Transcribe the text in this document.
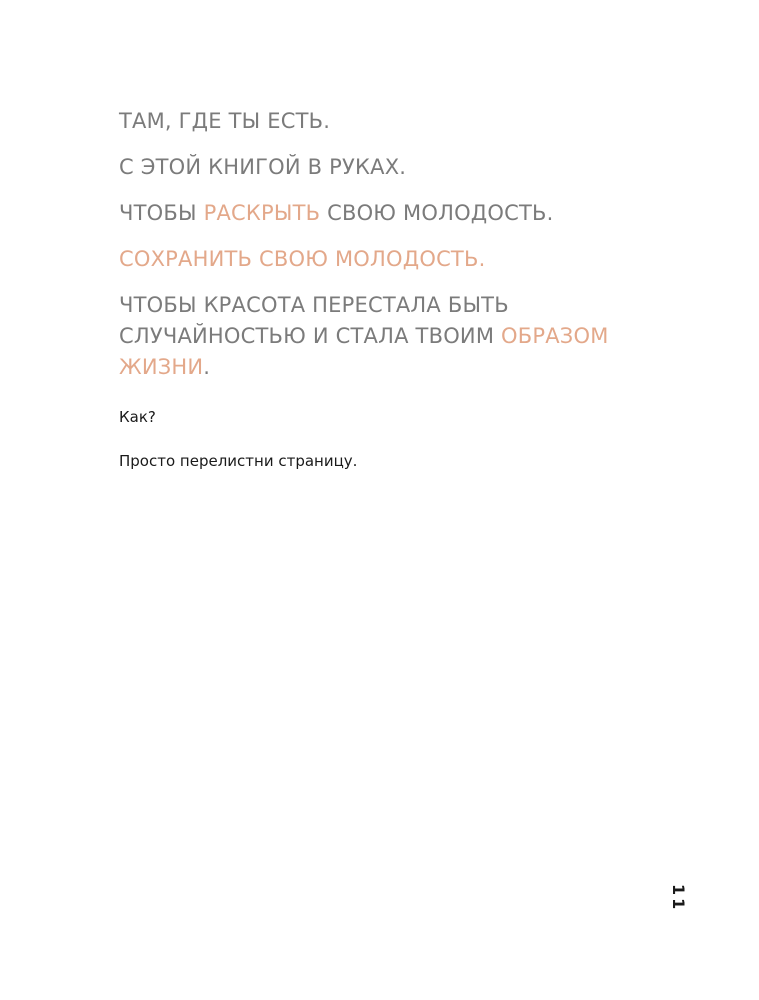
ТАМ, ГДЕ ТЫ ЕСТЬ.

С ЭТОЙ КНИГОЙ В РУКАХ.

ЧТОБЫ РАСКРЫТЬ СВОЮ МОЛОДОСТЬ.

СОХРАНИТЬ СВОЮ МОЛОДОСТЬ.

ЧТОБЫ КРАСОТА ПЕРЕСТАЛА БЫТЬ
СЛУЧАЙНОСТЬЮ И СТАЛА ТВОИМ ОБРАЗОМ
ЖИЗНИ.

Как?

Просто перелистни страницу.

11
